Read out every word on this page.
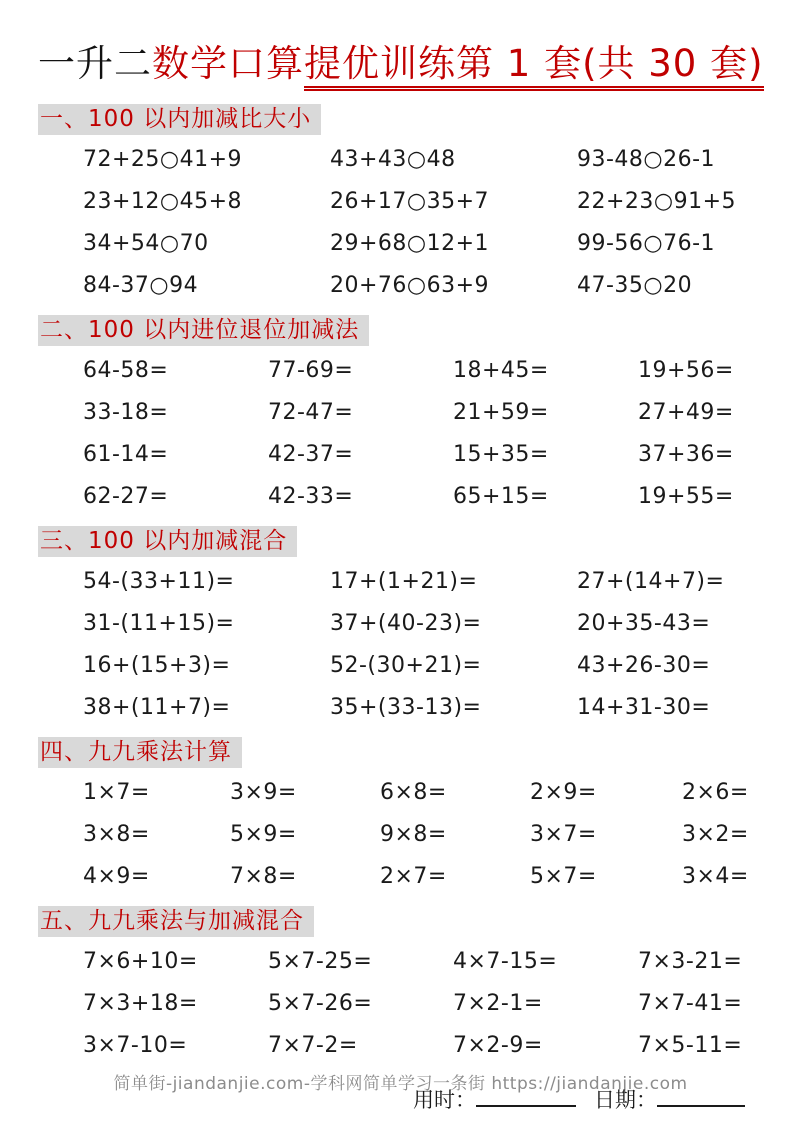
一升二数学口算提优训练第 1 套(共 30 套)
一、100 以内加减比大小
72+25○41+9	43+43○48	93-48○26-1
23+12○45+8	26+17○35+7	22+23○91+5
34+54○70	29+68○12+1	99-56○76-1
84-37○94	20+76○63+9	47-35○20
二、100 以内进位退位加减法
64-58=	77-69=	18+45=	19+56=
33-18=	72-47=	21+59=	27+49=
61-14=	42-37=	15+35=	37+36=
62-27=	42-33=	65+15=	19+55=
三、100 以内加减混合
54-(33+11)=	17+(1+21)=	27+(14+7)=
31-(11+15)=	37+(40-23)=	20+35-43=
16+(15+3)=	52-(30+21)=	43+26-30=
38+(11+7)=	35+(33-13)=	14+31-30=
四、九九乘法计算
1×7=	3×9=	6×8=	2×9=	2×6=
3×8=	5×9=	9×8=	3×7=	3×2=
4×9=	7×8=	2×7=	5×7=	3×4=
五、九九乘法与加减混合
7×6+10=	5×7-25=	4×7-15=	7×3-21=
7×3+18=	5×7-26=	7×2-1=	7×7-41=
3×7-10=	7×7-2=	7×2-9=	7×5-11=
简单街-jiandanjie.com-学科网简单学习一条街 https://jiandanjie.com
用时：	日期：
